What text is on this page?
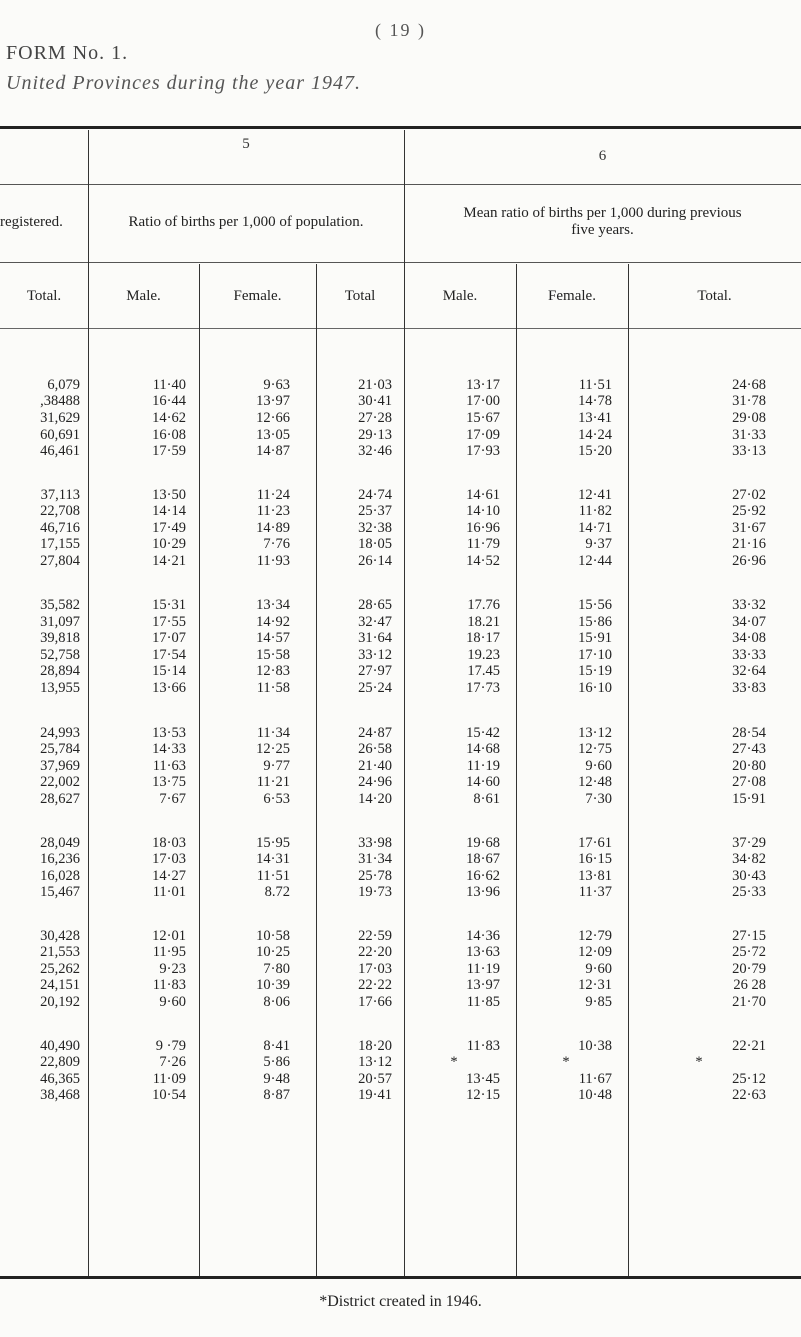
( 19 )
FORM No. 1.
United Provinces during the year 1947.
5
6
registered.	Ratio of births per 1,000 of population.
Mean ratio of births per 1,000 during previous
five years.
Total.	Male.	Female.	Total	Male.	Female.	Total.
6,079	11·40	9·63	21·03	13·17	11·51	24·68
,38488	16·44	13·97	30·41	17·00	14·78	31·78
31,629	14·62	12·66	27·28	15·67	13·41	29·08
60,691	16·08	13·05	29·13	17·09	14·24	31·33
46,461	17·59	14·87	32·46	17·93	15·20	33·13
37,113	13·50	11·24	24·74	14·61	12·41	27·02
22,708	14·14	11·23	25·37	14·10	11·82	25·92
46,716	17·49	14·89	32·38	16·96	14·71	31·67
17,155	10·29	7·76	18·05	11·79	9·37	21·16
27,804	14·21	11·93	26·14	14·52	12·44	26·96
35,582	15·31	13·34	28·65	17.76	15·56	33·32
31,097	17·55	14·92	32·47	18.21	15·86	34·07
39,818	17·07	14·57	31·64	18·17	15·91	34·08
52,758	17·54	15·58	33·12	19.23	17·10	33·33
28,894	15·14	12·83	27·97	17.45	15·19	32·64
13,955	13·66	11·58	25·24	17·73	16·10	33·83
24,993	13·53	11·34	24·87	15·42	13·12	28·54
25,784	14·33	12·25	26·58	14·68	12·75	27·43
37,969	11·63	9·77	21·40	11·19	9·60	20·80
22,002	13·75	11·21	24·96	14·60	12·48	27·08
28,627	7·67	6·53	14·20	8·61	7·30	15·91
28,049	18·03	15·95	33·98	19·68	17·61	37·29
16,236	17·03	14·31	31·34	18·67	16·15	34·82
16,028	14·27	11·51	25·78	16·62	13·81	30·43
15,467	11·01	8.72	19·73	13·96	11·37	25·33
30,428	12·01	10·58	22·59	14·36	12·79	27·15
21,553	11·95	10·25	22·20	13·63	12·09	25·72
25,262	9·23	7·80	17·03	11·19	9·60	20·79
24,151	11·83	10·39	22·22	13·97	12·31	26 28
20,192	9·60	8·06	17·66	11·85	9·85	21·70
40,490	9 ·79	8·41	18·20	11·83	10·38	22·21
22,809	7·26	5·86	13·12	*	*	*
46,365	11·09	9·48	20·57	13·45	11·67	25·12
38,468	10·54	8·87	19·41	12·15	10·48	22·63
*District created in 1946.
